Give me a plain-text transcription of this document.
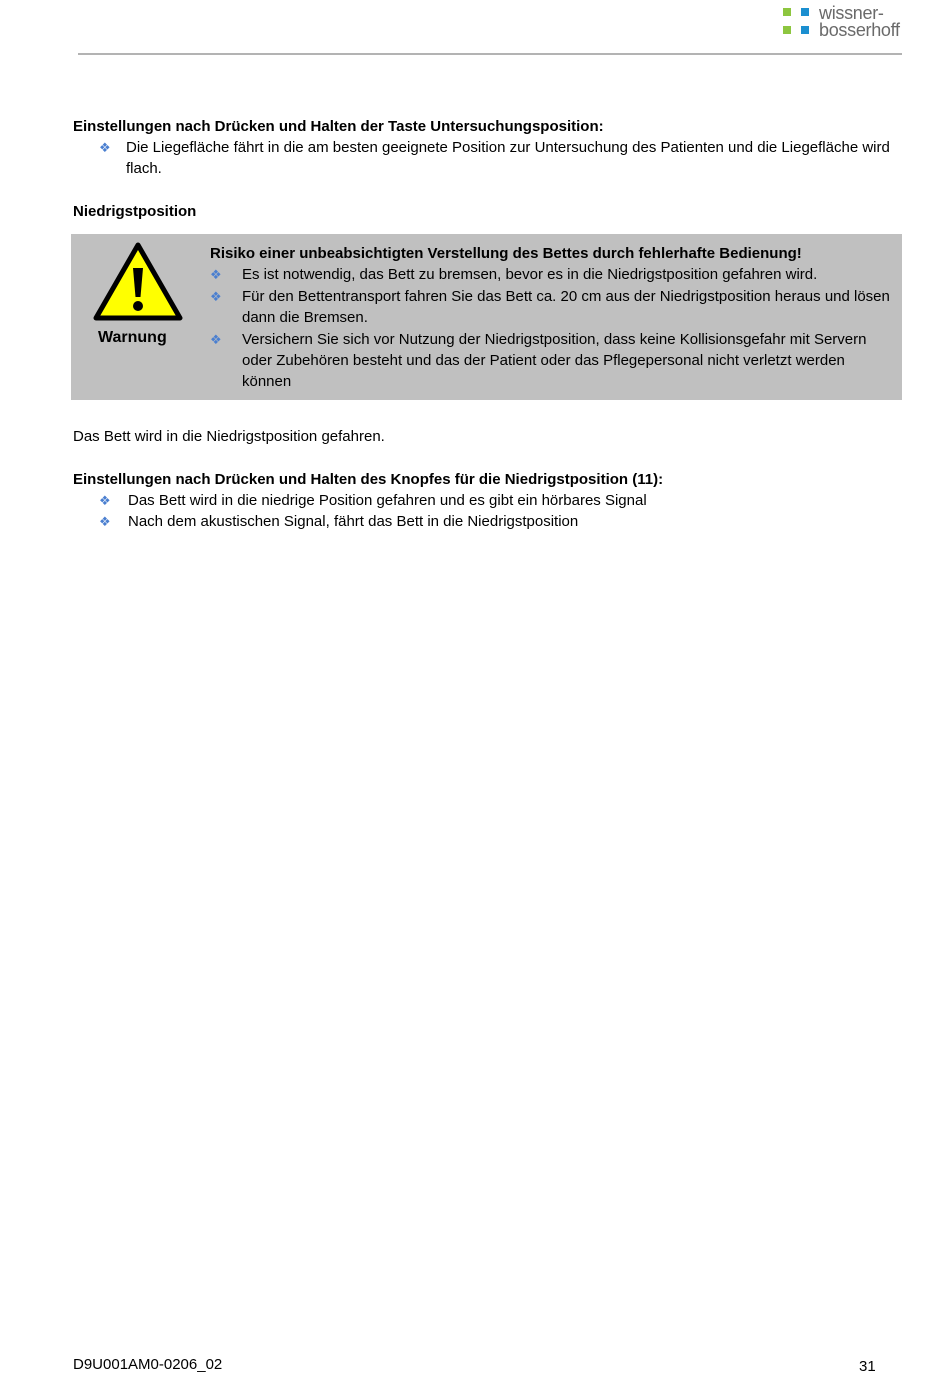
wissner-
bosserhoff

Einstellungen nach Drücken und Halten der Taste Untersuchungsposition:

❖ Die Liegefläche fährt in die am besten geeignete Position zur Untersuchung des Patienten und die Liegefläche wird flach.

Niedrigstposition

Warnung

Risiko einer unbeabsichtigten Verstellung des Bettes durch fehlerhafte Bedienung!

❖ Es ist notwendig, das Bett zu bremsen, bevor es in die Niedrigstposition gefahren wird.
❖ Für den Bettentransport fahren Sie das Bett ca. 20 cm aus der Niedrigstposition heraus und lösen dann die Bremsen.
❖ Versichern Sie sich vor Nutzung der Niedrigstposition, dass keine Kollisionsgefahr mit Servern oder Zubehören besteht und das der Patient oder das Pflegepersonal nicht verletzt werden können

Das Bett wird in die Niedrigstposition gefahren.

Einstellungen nach Drücken und Halten des Knopfes für die Niedrigstposition (11):

❖ Das Bett wird in die niedrige Position gefahren und es gibt ein hörbares Signal
❖ Nach dem akustischen Signal, fährt das Bett in die Niedrigstposition
D9U001AM0-0206_02	31
